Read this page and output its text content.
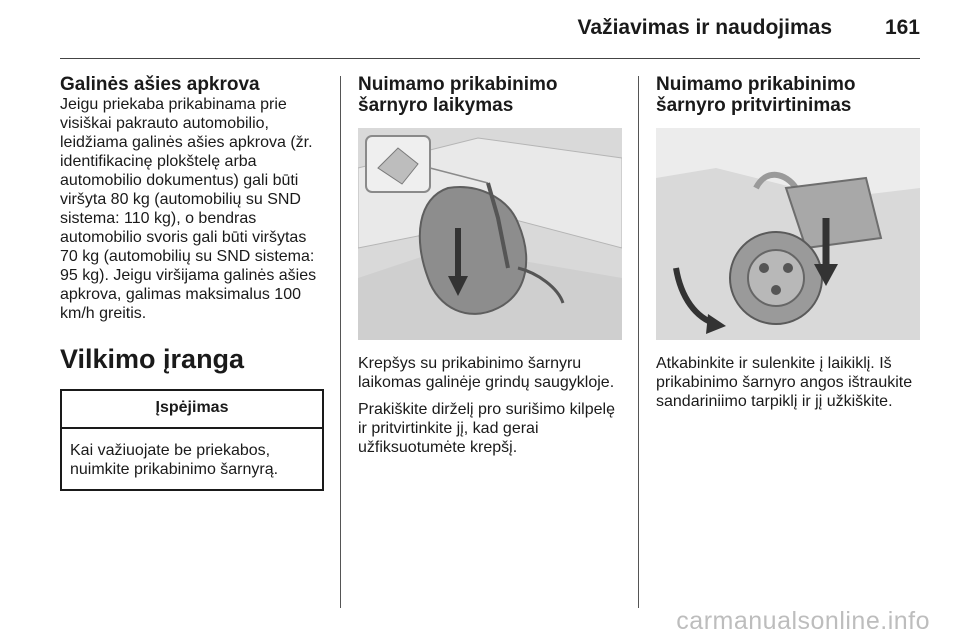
Važiavimas ir naudojimas	161

Galinės ašies apkrova

Jeigu priekaba prikabinama prie visiškai pakrauto automobilio, leidžiama galinės ašies apkrova (žr. identifikacinę plokštelę arba automobilio dokumentus) gali būti viršyta 80 kg (automobilių su SND sistema: 110 kg), o bendras automobilio svoris gali būti viršytas 70 kg (automobilių su SND sistema: 95 kg). Jeigu viršijama galinės ašies apkrova, galimas maksimalus 100 km/h greitis.

Vilkimo įranga

Įspėjimas
Kai važiuojate be priekabos, nuimkite prikabinimo šarnyrą.

Nuimamo prikabinimo šarnyro laikymas

Krepšys su prikabinimo šarnyru laikomas galinėje grindų saugykloje.

Prakiškite dirželį pro surišimo kilpelę ir pritvirtinkite jį, kad gerai užfiksuotumėte krepšį.

Nuimamo prikabinimo šarnyro pritvirtinimas

Atkabinkite ir sulenkite į laikiklį. Iš prikabinimo šarnyro angos ištraukite sandariniimo tarpiklį ir jį užkiškite.

carmanualsonline.info
